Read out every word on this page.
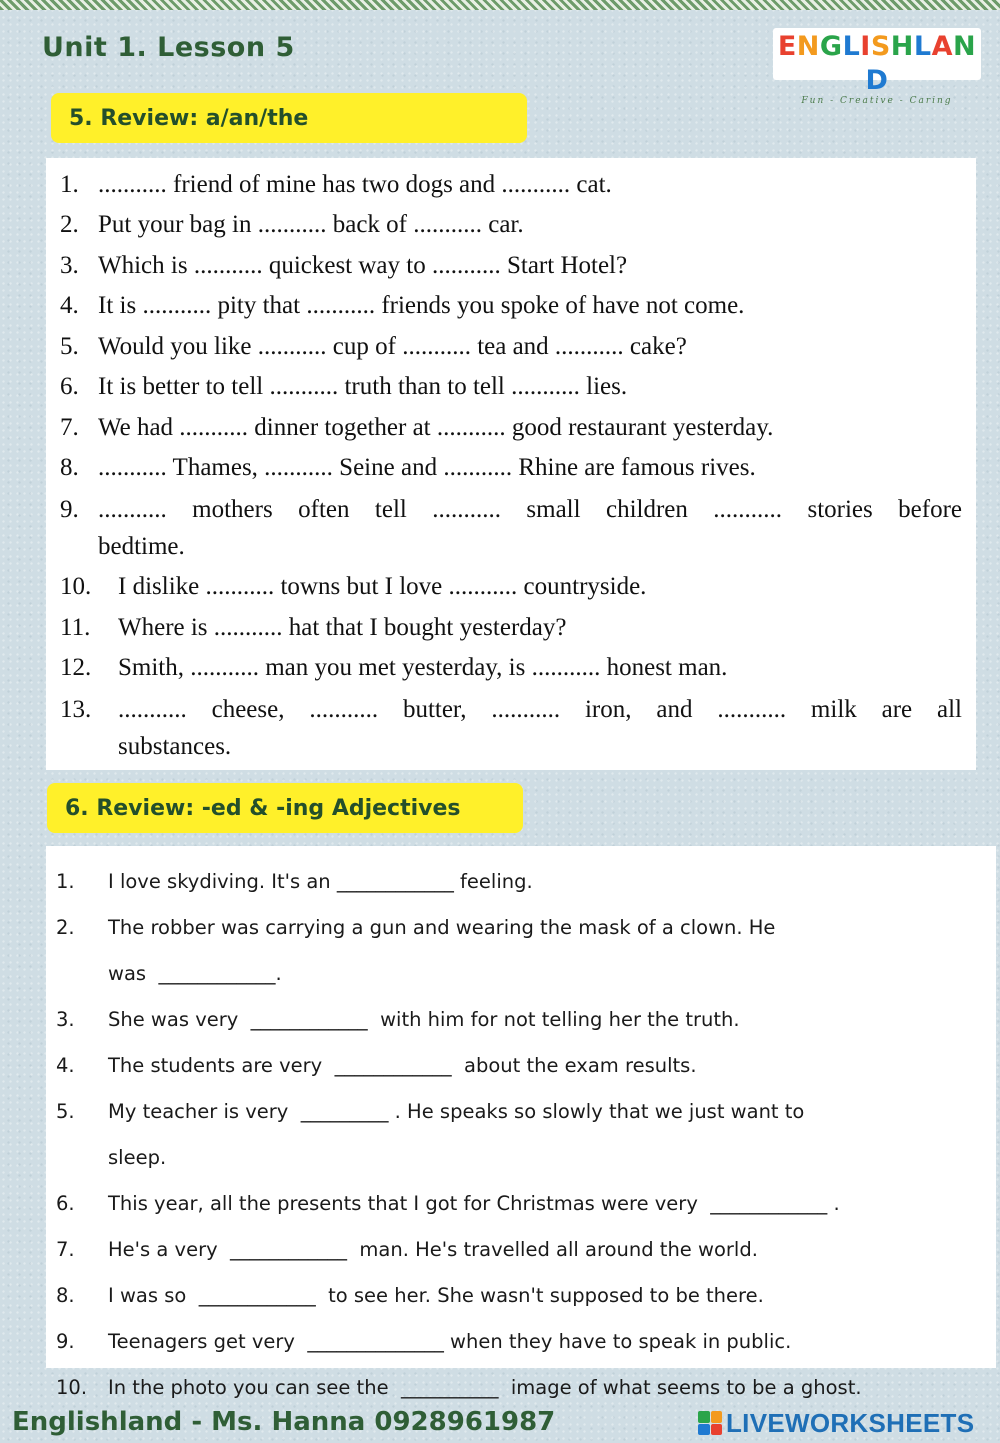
Unit 1. Lesson 5	ENGLISHLAND
Fun - Creative - Caring
5. Review: a/an/the
1. ........... friend of mine has two dogs and ........... cat.
2. Put your bag in ........... back of ........... car.
3. Which is ........... quickest way to ........... Start Hotel?
4. It is ........... pity that ........... friends you spoke of have not come.
5. Would you like ........... cup of ........... tea and ........... cake?
6. It is better to tell ........... truth than to tell ........... lies.
7. We had ........... dinner together at ........... good restaurant yesterday.
8. ........... Thames, ........... Seine and ........... Rhine are famous rives.
9. ........... mothers often tell ........... small children ........... stories before
bedtime.
10.	I dislike ........... towns but I love ........... countryside.
11.	Where is ........... hat that I bought yesterday?
12.	Smith, ........... man you met yesterday, is ........... honest man.
13.	........... cheese, ........... butter, ........... iron, and ........... milk are all
substances.
6. Review: -ed & -ing Adjectives
1. I love skydiving. It's an ____________ feeling.
2. The robber was carrying a gun and wearing the mask of a clown. He
was  ____________.
3. She was very  ____________  with him for not telling her the truth.
4. The students are very  ____________  about the exam results.
5. My teacher is very  _________ . He speaks so slowly that we just want to
sleep.
6. This year, all the presents that I got for Christmas were very  ____________ .
7. He's a very  ____________  man. He's travelled all around the world.
8. I was so  ____________  to see her. She wasn't supposed to be there.
9. Teenagers get very  ______________ when they have to speak in public.
10. In the photo you can see the  __________  image of what seems to be a ghost.
Englishland - Ms. Hanna 0928961987	LIVEWORKSHEETS
